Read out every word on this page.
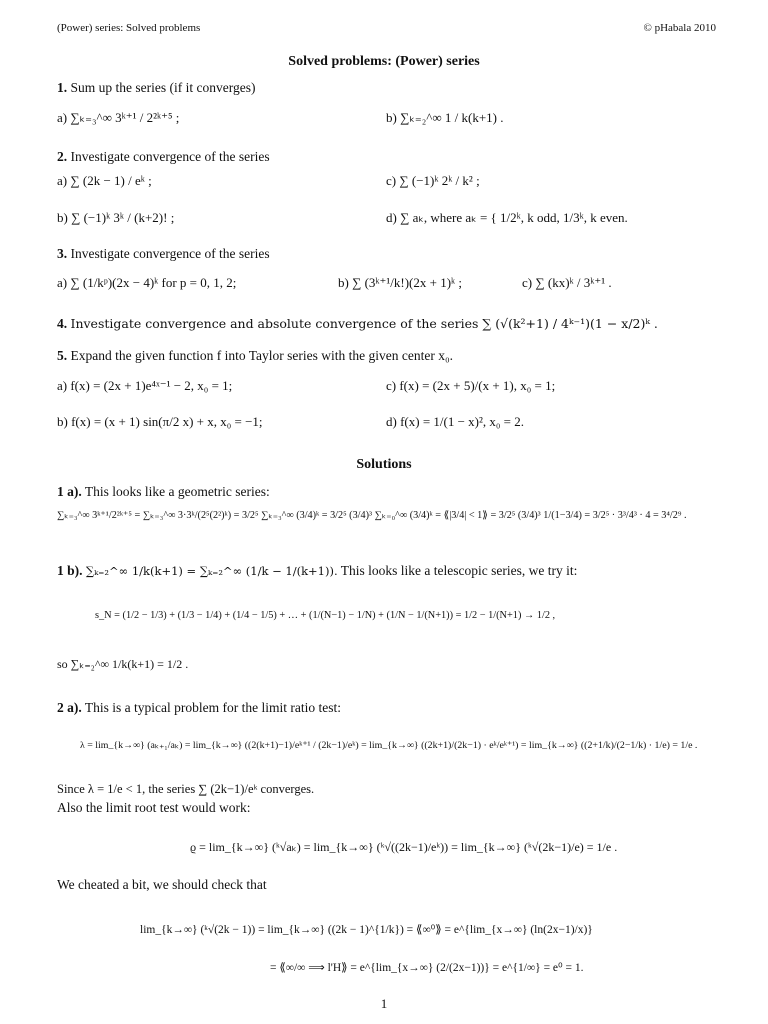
(Power) series: Solved problems	© pHabala 2010
Solved problems: (Power) series
1. Sum up the series (if it converges)
a) ∑ₖ₌₃^∞ 3ᵏ⁺¹ / 2²ᵏ⁺⁵ ;	b) ∑ₖ₌₂^∞ 1 / k(k+1) .
2. Investigate convergence of the series
a) ∑ (2k − 1) / eᵏ ;	c) ∑ (−1)ᵏ 2ᵏ / k² ;
b) ∑ (−1)ᵏ 3ᵏ / (k+2)! ;	d) ∑ aₖ, where aₖ = { 1/2ᵏ, k odd, 1/3ᵏ, k even.
3. Investigate convergence of the series
a) ∑ (1/kᵖ)(2x − 4)ᵏ for p = 0, 1, 2;	b) ∑ (3ᵏ⁺¹/k!)(2x + 1)ᵏ ;	c) ∑ (kx)ᵏ / 3ᵏ⁺¹ .
4. Investigate convergence and absolute convergence of the series ∑ (√(k²+1) / 4ᵏ⁻¹)(1 − x/2)ᵏ .
5. Expand the given function f into Taylor series with the given center x₀.
a) f(x) = (2x + 1)e⁴ˣ⁻¹ − 2, x₀ = 1;	c) f(x) = (2x + 5)/(x + 1), x₀ = 1;
b) f(x) = (x + 1) sin(π/2 x) + x, x₀ = −1;	d) f(x) = 1/(1 − x)², x₀ = 2.
Solutions
1 a). This looks like a geometric series:
∑ₖ₌₃^∞ 3ᵏ⁺¹/2²ᵏ⁺⁵ = ∑ₖ₌₃^∞ 3·3ᵏ/(2⁵(2²)ᵏ) = 3/2⁵ ∑ₖ₌₃^∞ (3/4)ᵏ = 3/2⁵ (3/4)³ ∑ₖ₌₀^∞ (3/4)ᵏ = ⟪|3/4| < 1⟫ = 3/2⁵ (3/4)³ 1/(1−3/4) = 3/2⁵ · 3³/4³ · 4 = 3⁴/2⁹ .
1 b). ∑ₖ₌₂^∞ 1/k(k+1) = ∑ₖ₌₂^∞ (1/k − 1/(k+1)). This looks like a telescopic series, we try it:
s_N = (1/2 − 1/3) + (1/3 − 1/4) + (1/4 − 1/5) + … + (1/(N−1) − 1/N) + (1/N − 1/(N+1)) = 1/2 − 1/(N+1) → 1/2 ,
so ∑ₖ₌₂^∞ 1/k(k+1) = 1/2 .
2 a). This is a typical problem for the limit ratio test:
λ = lim_{k→∞} (aₖ₊₁/aₖ) = lim_{k→∞} ((2(k+1)−1)/eᵏ⁺¹ / (2k−1)/eᵏ) = lim_{k→∞} ((2k+1)/(2k−1) · eᵏ/eᵏ⁺¹) = lim_{k→∞} ((2+1/k)/(2−1/k) · 1/e) = 1/e .
Since λ = 1/e < 1, the series ∑ (2k−1)/eᵏ converges.
Also the limit root test would work:
ϱ = lim_{k→∞} (ᵏ√aₖ) = lim_{k→∞} (ᵏ√((2k−1)/eᵏ)) = lim_{k→∞} (ᵏ√(2k−1)/e) = 1/e .
We cheated a bit, we should check that
lim_{k→∞} (ᵏ√(2k − 1)) = lim_{k→∞} ((2k − 1)^{1/k}) = ⟪∞⁰⟫ = e^{lim_{x→∞} (ln(2x−1)/x)}
= ⟪∞/∞ ⟹ l'H⟫ = e^{lim_{x→∞} (2/(2x−1))} = e^{1/∞} = e⁰ = 1.
1
